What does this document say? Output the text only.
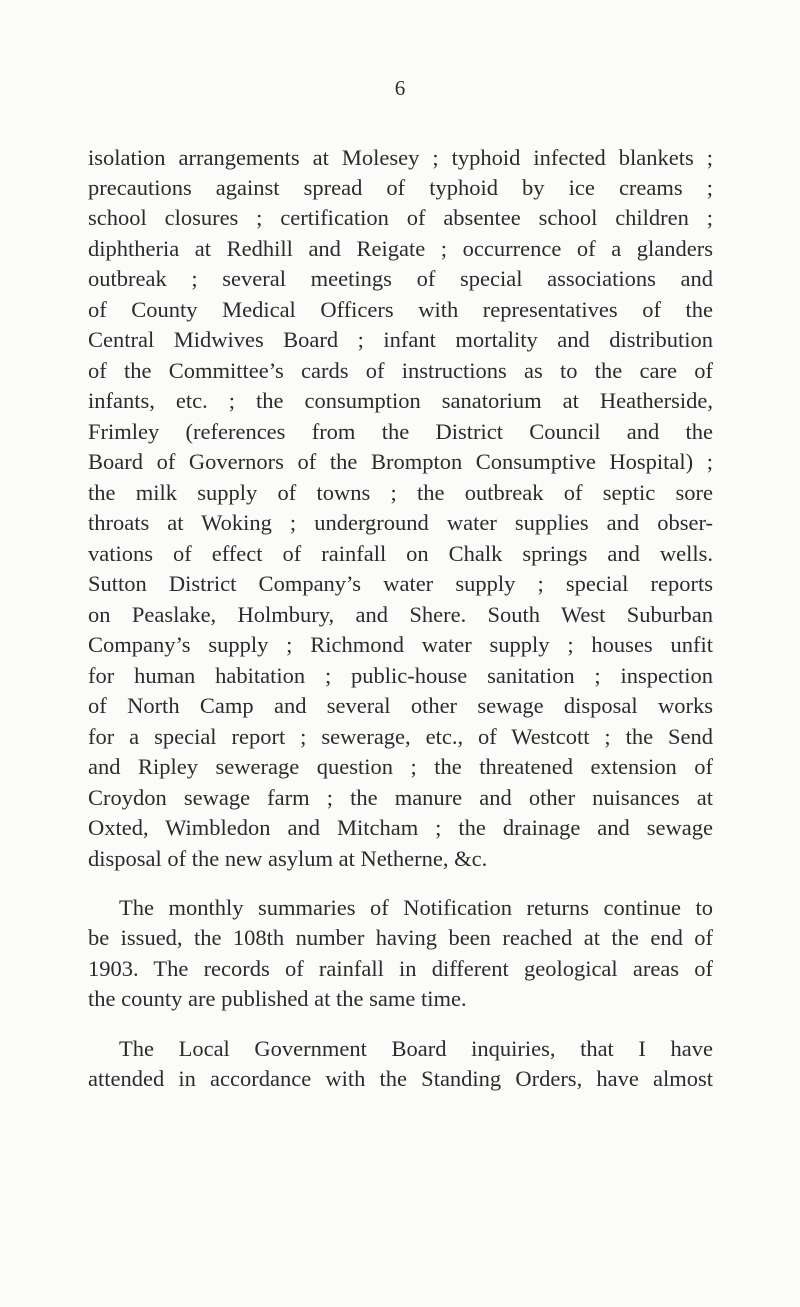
6
isolation arrangements at Molesey ; typhoid infected blankets ;
precautions against spread of typhoid by ice creams ;
school closures ; certification of absentee school children ;
diphtheria at Redhill and Reigate ; occurrence of a glanders
outbreak ; several meetings of special associations and
of County Medical Officers with representatives of the
Central Midwives Board ; infant mortality and distribution
of the Committee’s cards of instructions as to the care of
infants, etc. ; the consumption sanatorium at Heatherside,
Frimley (references from the District Council and the
Board of Governors of the Brompton Consumptive Hospital) ;
the milk supply of towns ; the outbreak of septic sore
throats at Woking ; underground water supplies and obser-
vations of effect of rainfall on Chalk springs and wells.
Sutton District Company’s water supply ; special reports
on Peaslake, Holmbury, and Shere. South West Suburban
Company’s supply ; Richmond water supply ; houses unfit
for human habitation ; public-house sanitation ; inspection
of North Camp and several other sewage disposal works
for a special report ; sewerage, etc., of Westcott ; the Send
and Ripley sewerage question ; the threatened extension of
Croydon sewage farm ; the manure and other nuisances at
Oxted, Wimbledon and Mitcham ; the drainage and sewage
disposal of the new asylum at Netherne, &c.
The monthly summaries of Notification returns continue to
be issued, the 108th number having been reached at the end of
1903. The records of rainfall in different geological areas of
the county are published at the same time.
The Local Government Board inquiries, that I have
attended in accordance with the Standing Orders, have almost
